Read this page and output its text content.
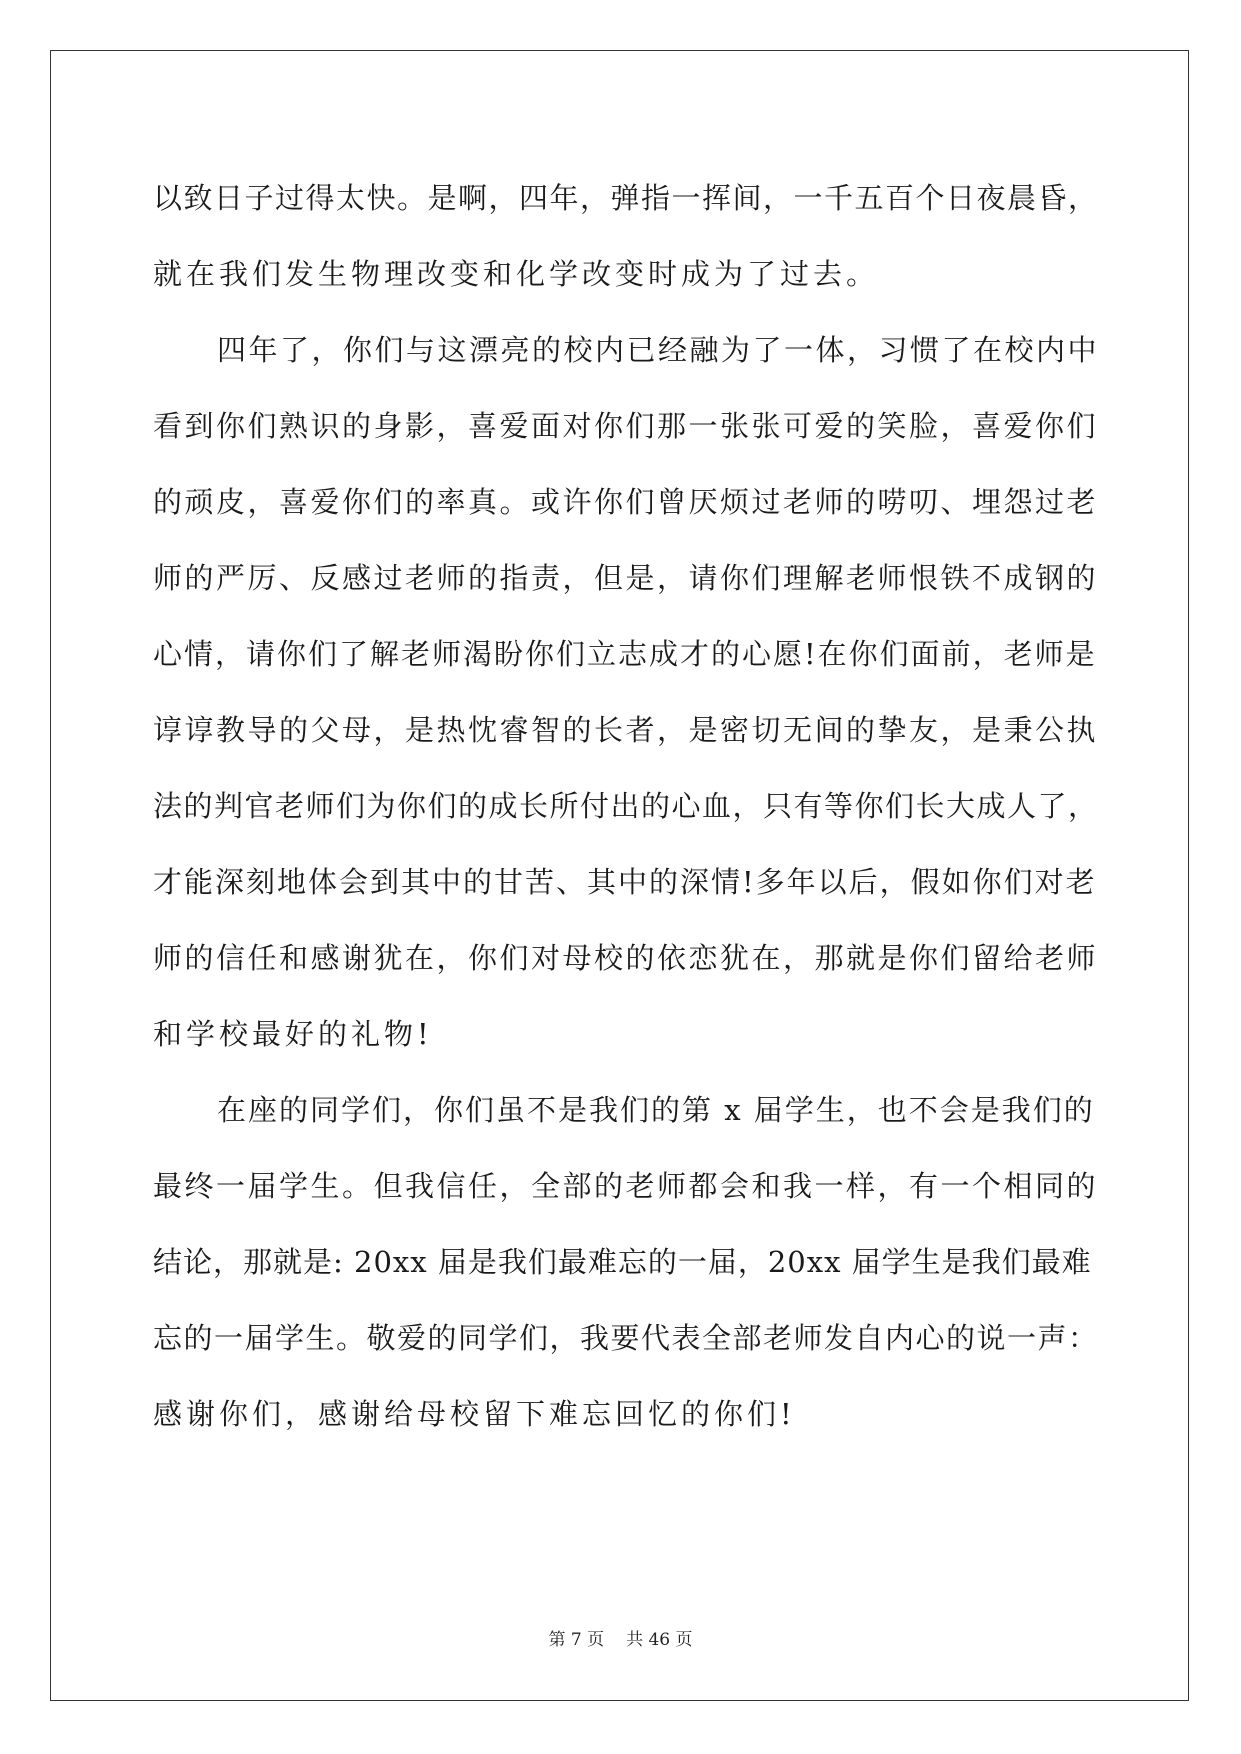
以致日子过得太快。是啊，四年，弹指一挥间，一千五百个日夜晨昏，
就在我们发生物理改变和化学改变时成为了过去。
四年了，你们与这漂亮的校内已经融为了一体，习惯了在校内中
看到你们熟识的身影，喜爱面对你们那一张张可爱的笑脸，喜爱你们
的顽皮，喜爱你们的率真。或许你们曾厌烦过老师的唠叨、埋怨过老
师的严厉、反感过老师的指责，但是，请你们理解老师恨铁不成钢的
心情，请你们了解老师渴盼你们立志成才的心愿!在你们面前，老师是
谆谆教导的父母，是热忱睿智的长者，是密切无间的挚友，是秉公执
法的判官老师们为你们的成长所付出的心血，只有等你们长大成人了，
才能深刻地体会到其中的甘苦、其中的深情!多年以后，假如你们对老
师的信任和感谢犹在，你们对母校的依恋犹在，那就是你们留给老师
和学校最好的礼物!
在座的同学们，你们虽不是我们的第 x 届学生，也不会是我们的
最终一届学生。但我信任，全部的老师都会和我一样，有一个相同的
结论，那就是: 20xx 届是我们最难忘的一届，20xx 届学生是我们最难
忘的一届学生。敬爱的同学们，我要代表全部老师发自内心的说一声：
感谢你们，感谢给母校留下难忘回忆的你们!
第 7 页 共 46 页
